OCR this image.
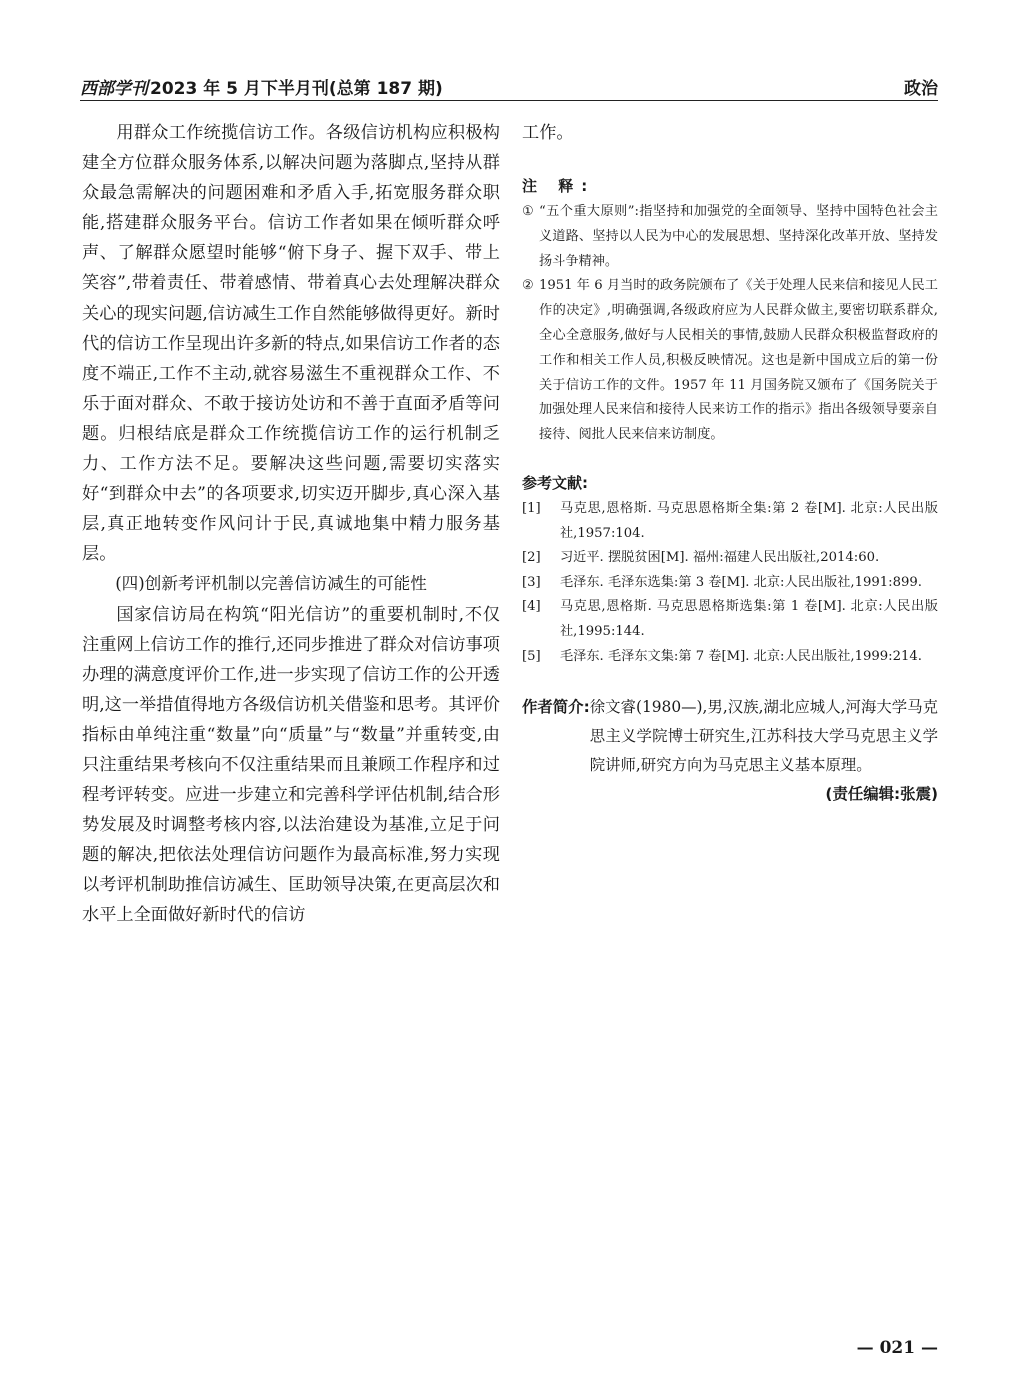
西部学刊 2023 年 5 月下半月刊(总第 187 期)	政治

用群众工作统揽信访工作。各级信访机构应积极构建全方位群众服务体系,以解决问题为落脚点,坚持从群众最急需解决的问题困难和矛盾入手,拓宽服务群众职能,搭建群众服务平台。信访工作者如果在倾听群众呼声、了解群众愿望时能够“俯下身子、握下双手、带上笑容”,带着责任、带着感情、带着真心去处理解决群众关心的现实问题,信访减生工作自然能够做得更好。新时代的信访工作呈现出许多新的特点,如果信访工作者的态度不端正,工作不主动,就容易滋生不重视群众工作、不乐于面对群众、不敢于接访处访和不善于直面矛盾等问题。归根结底是群众工作统揽信访工作的运行机制乏力、工作方法不足。要解决这些问题,需要切实落实好“到群众中去”的各项要求,切实迈开脚步,真心深入基层,真正地转变作风问计于民,真诚地集中精力服务基层。

(四)创新考评机制以完善信访减生的可能性

国家信访局在构筑“阳光信访”的重要机制时,不仅注重网上信访工作的推行,还同步推进了群众对信访事项办理的满意度评价工作,进一步实现了信访工作的公开透明,这一举措值得地方各级信访机关借鉴和思考。其评价指标由单纯注重“数量”向“质量”与“数量”并重转变,由只注重结果考核向不仅注重结果而且兼顾工作程序和过程考评转变。应进一步建立和完善科学评估机制,结合形势发展及时调整考核内容,以法治建设为基准,立足于问题的解决,把依法处理信访问题作为最高标准,努力实现以考评机制助推信访减生、匡助领导决策,在更高层次和水平上全面做好新时代的信访

工作。

注 释:

① “五个重大原则”:指坚持和加强党的全面领导、坚持中国特色社会主义道路、坚持以人民为中心的发展思想、坚持深化改革开放、坚持发扬斗争精神。
② 1951 年 6 月当时的政务院颁布了《关于处理人民来信和接见人民工作的决定》,明确强调,各级政府应为人民群众做主,要密切联系群众,全心全意服务,做好与人民相关的事情,鼓励人民群众积极监督政府的工作和相关工作人员,积极反映情况。这也是新中国成立后的第一份关于信访工作的文件。1957 年 11 月国务院又颁布了《国务院关于加强处理人民来信和接待人民来访工作的指示》指出各级领导要亲自接待、阅批人民来信来访制度。

参考文献:

[1]	马克思,恩格斯. 马克思恩格斯全集:第 2 卷[M]. 北京:人民出版社,1957:104.
[2]	习近平. 摆脱贫困[M]. 福州:福建人民出版社,2014:60.
[3]	毛泽东. 毛泽东选集:第 3 卷[M]. 北京:人民出版社,1991:899.
[4]	马克思,恩格斯. 马克思恩格斯选集:第 1 卷[M]. 北京:人民出版社,1995:144.
[5]	毛泽东. 毛泽东文集:第 7 卷[M]. 北京:人民出版社,1999:214.
作者简介: 徐文睿(1980—),男,汉族,湖北应城人,河海大学马克思主义学院博士研究生,江苏科技大学马克思主义学院讲师,研究方向为马克思主义基本原理。
(责任编辑:张震)
— 021 —
